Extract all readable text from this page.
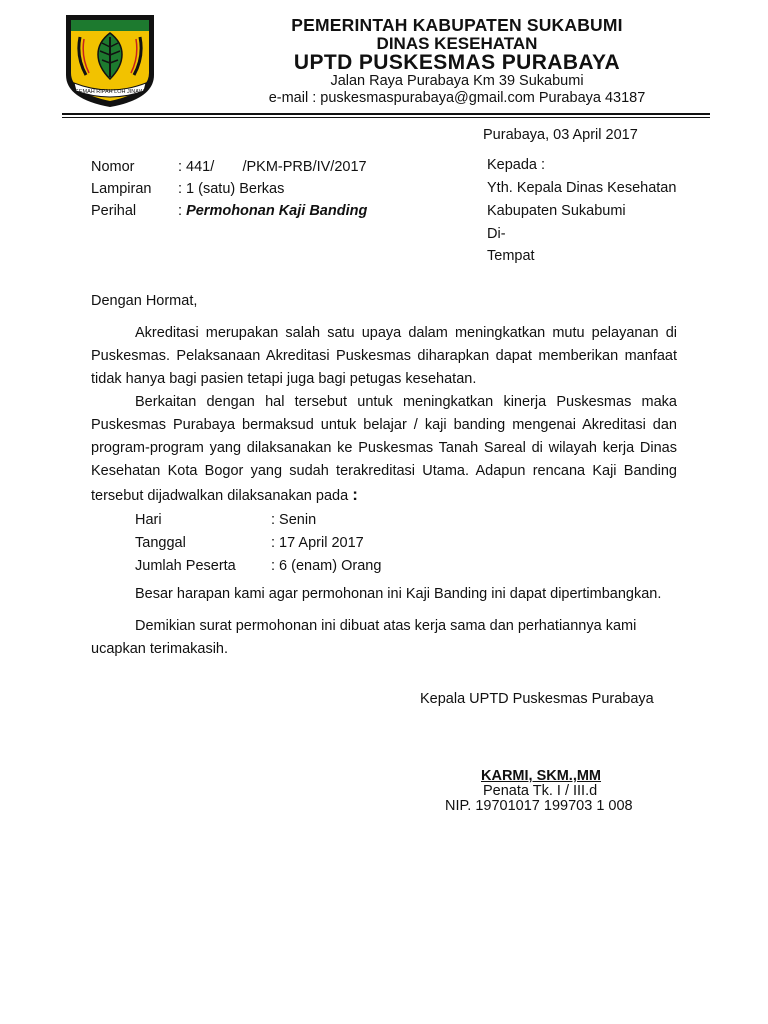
GEMAH RIPAH LOH JINAWI
PEMERINTAH KABUPATEN SUKABUMI
DINAS KESEHATAN
UPTD PUSKESMAS PURABAYA
Jalan Raya Purabaya Km 39 Sukabumi
e-mail : puskesmaspurabaya@gmail.com Purabaya 43187
Purabaya, 03 April 2017
Nomor	: 441/       /PKM-PRB/IV/2017
Lampiran : 1 (satu) Berkas
Perihal	: Permohonan Kaji Banding
Kepada :
Yth. Kepala Dinas Kesehatan
Kabupaten Sukabumi
Di-
Tempat
Dengan Hormat,

Akreditasi merupakan salah satu upaya dalam meningkatkan mutu pelayanan di Puskesmas. Pelaksanaan Akreditasi Puskesmas diharapkan dapat memberikan manfaat tidak hanya bagi pasien tetapi juga bagi petugas kesehatan.

Berkaitan dengan hal tersebut untuk meningkatkan kinerja Puskesmas maka Puskesmas Purabaya bermaksud untuk belajar / kaji banding mengenai Akreditasi dan program-program yang dilaksanakan ke Puskesmas Tanah Sareal di wilayah kerja Dinas Kesehatan Kota Bogor yang sudah terakreditasi Utama. Adapun rencana Kaji Banding tersebut dijadwalkan dilaksanakan pada :

Hari	: Senin
Tanggal	: 17 April 2017
Jumlah Peserta : 6 (enam) Orang
Besar harapan kami agar permohonan ini Kaji Banding ini dapat dipertimbangkan.

Demikian surat permohonan ini dibuat atas kerja sama dan perhatiannya kami ucapkan terimakasih.

Kepala UPTD Puskesmas Purabaya
KARMI, SKM.,MM
Penata Tk. I / III.d
NIP. 19701017 199703 1 008
